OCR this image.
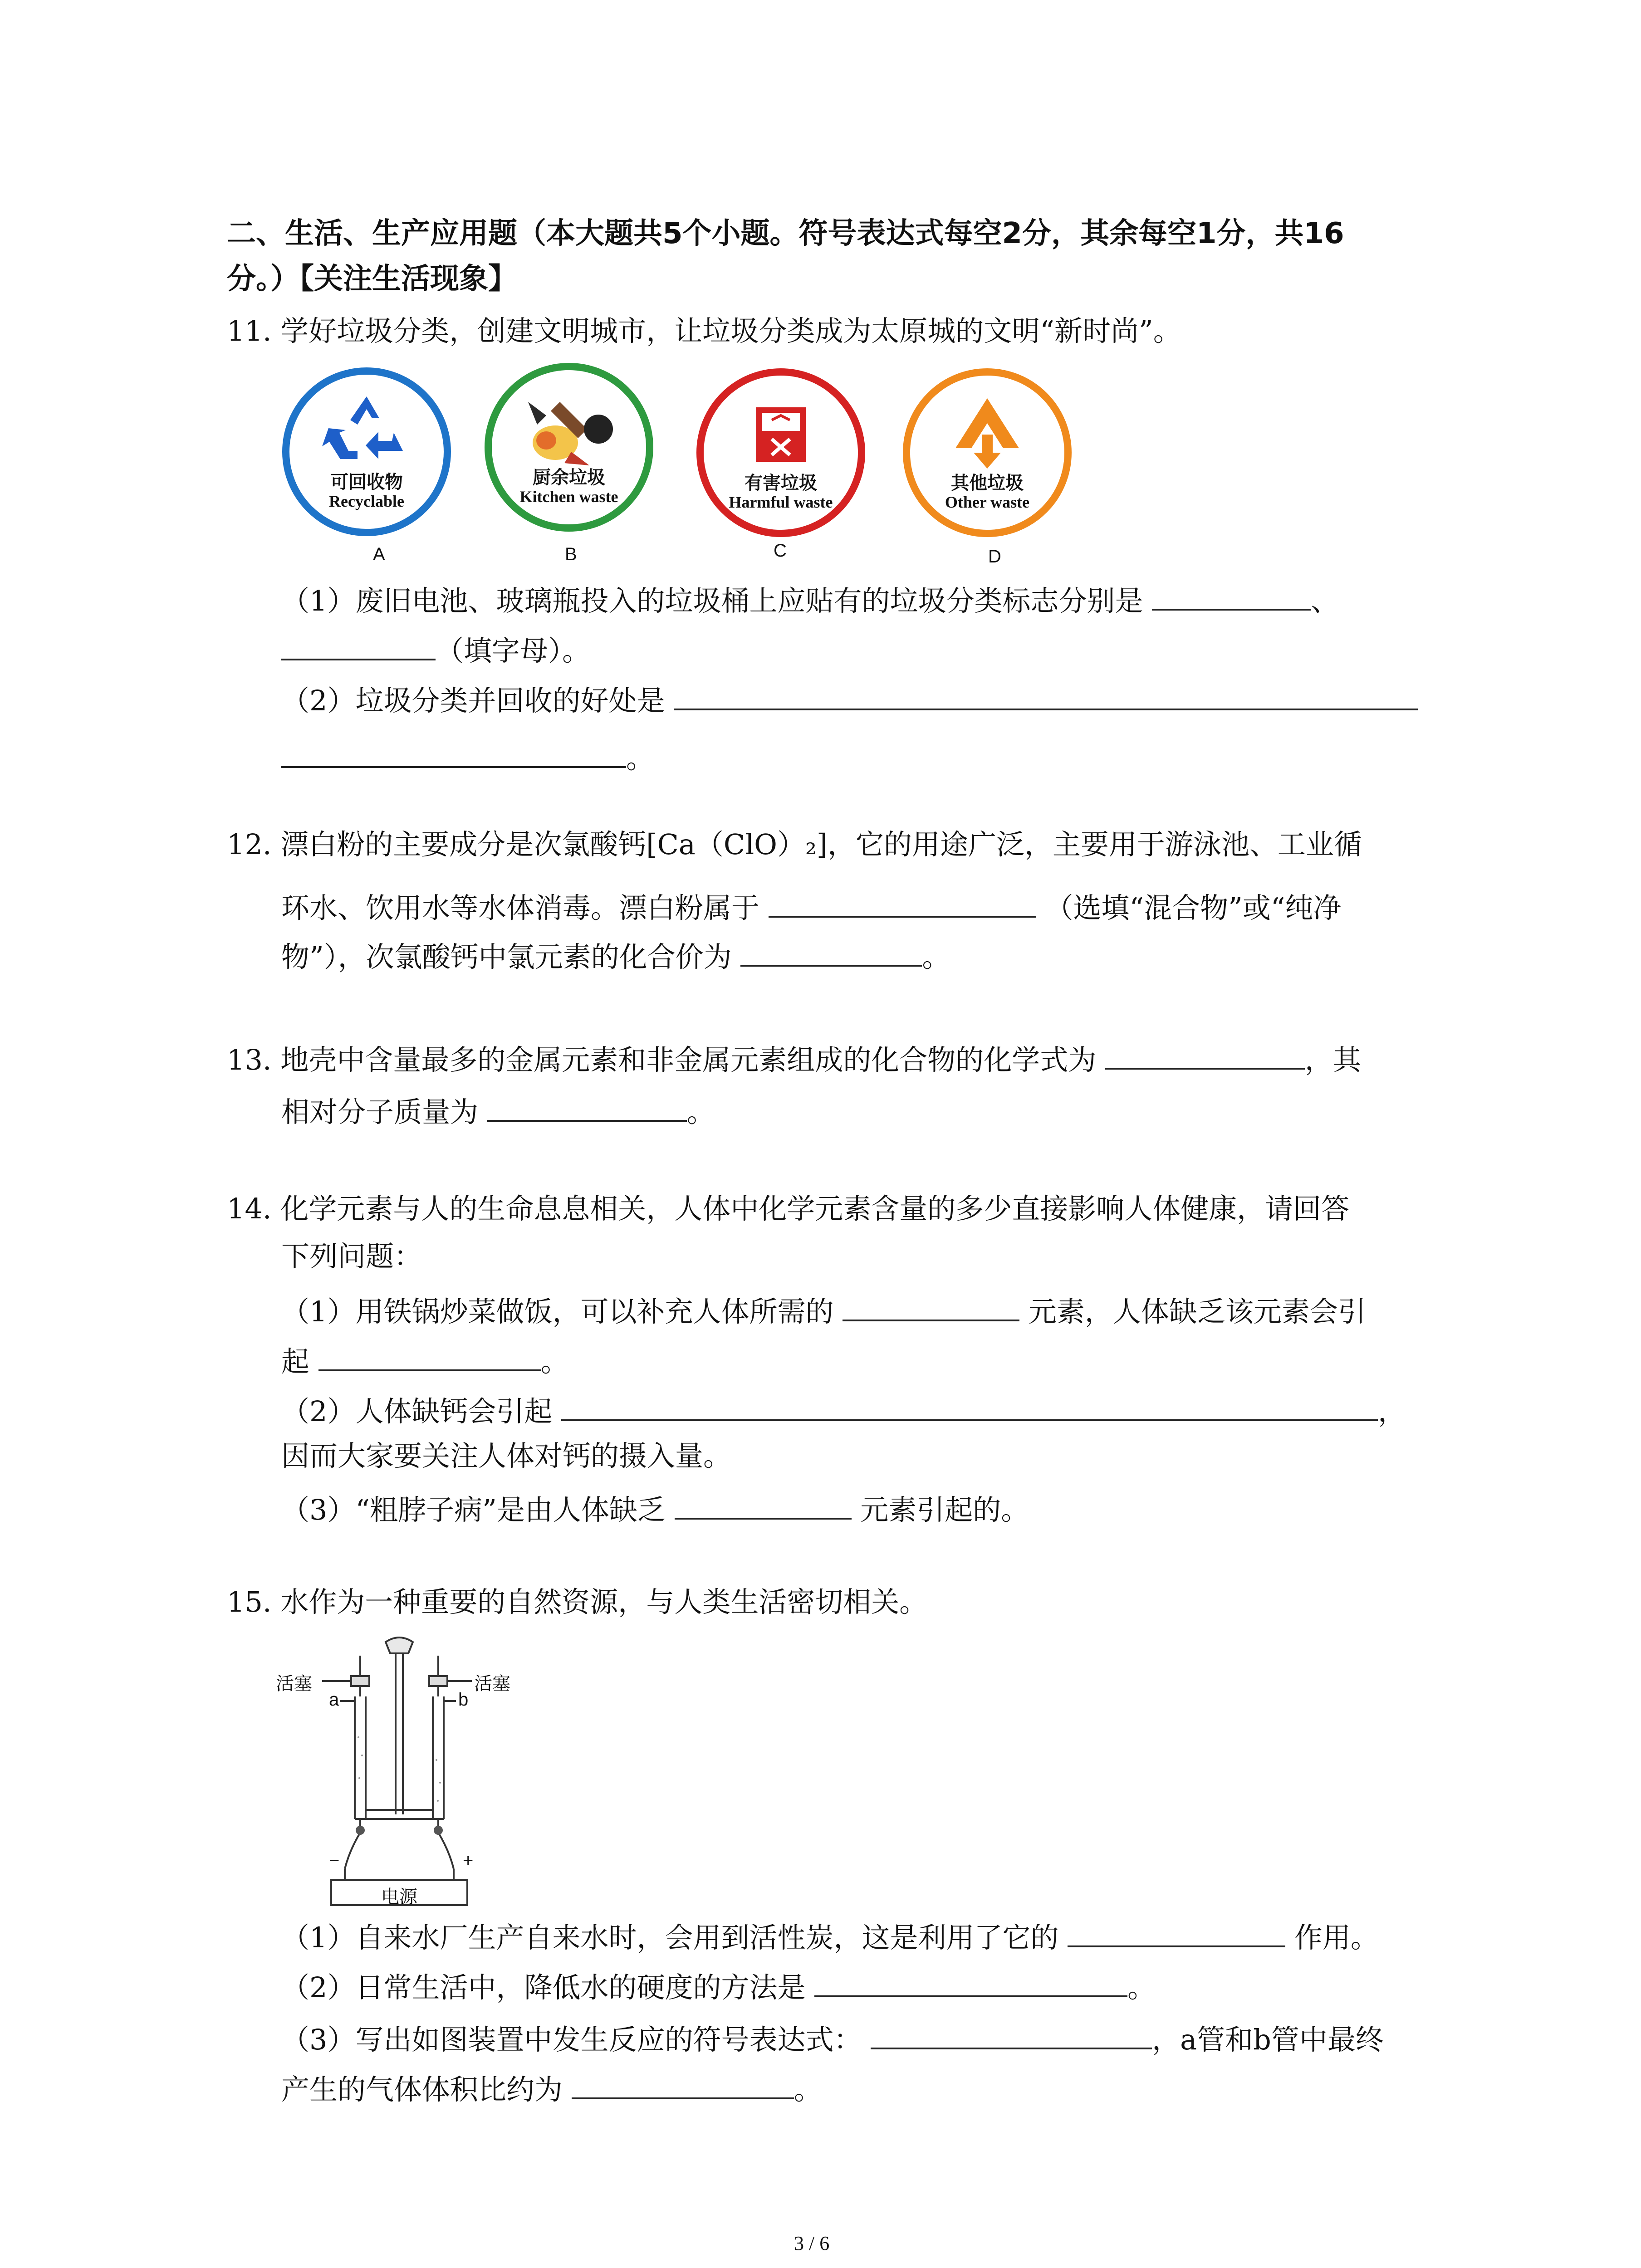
二、生活、生产应用题（本大题共5个小题。符号表达式每空2分，其余每空1分，共16
分。）【关注生活现象】
11. 学好垃圾分类，创建文明城市，让垃圾分类成为太原城的文明“新时尚”。
可回收物
Recyclable
A
厨余垃圾
Kitchen waste
B
有害垃圾
Harmful waste
C
其他垃圾
Other waste
D
（1）废旧电池、玻璃瓶投入的垃圾桶上应贴有的垃圾分类标志分别是	、
（填字母）。
（2）垃圾分类并回收的好处是
。
12. 漂白粉的主要成分是次氯酸钙[Ca（ClO）₂]，它的用途广泛，主要用于游泳池、工业循
环水、饮用水等水体消毒。漂白粉属于	（选填“混合物”或“纯净
物”），次氯酸钙中氯元素的化合价为	。
13. 地壳中含量最多的金属元素和非金属元素组成的化合物的化学式为	，其
相对分子质量为	。
14. 化学元素与人的生命息息相关，人体中化学元素含量的多少直接影响人体健康，请回答
下列问题：
（1）用铁锅炒菜做饭，可以补充人体所需的	元素，人体缺乏该元素会引
起	。
（2）人体缺钙会引起	，
因而大家要关注人体对钙的摄入量。
（3）“粗脖子病”是由人体缺乏	元素引起的。
15. 水作为一种重要的自然资源，与人类生活密切相关。
活塞	活塞
a	b
−	+
电源
（1）自来水厂生产自来水时，会用到活性炭，这是利用了它的	作用。
（2）日常生活中，降低水的硬度的方法是	。
（3）写出如图装置中发生反应的符号表达式：	，a管和b管中最终
产生的气体体积比约为	。
3 / 6
